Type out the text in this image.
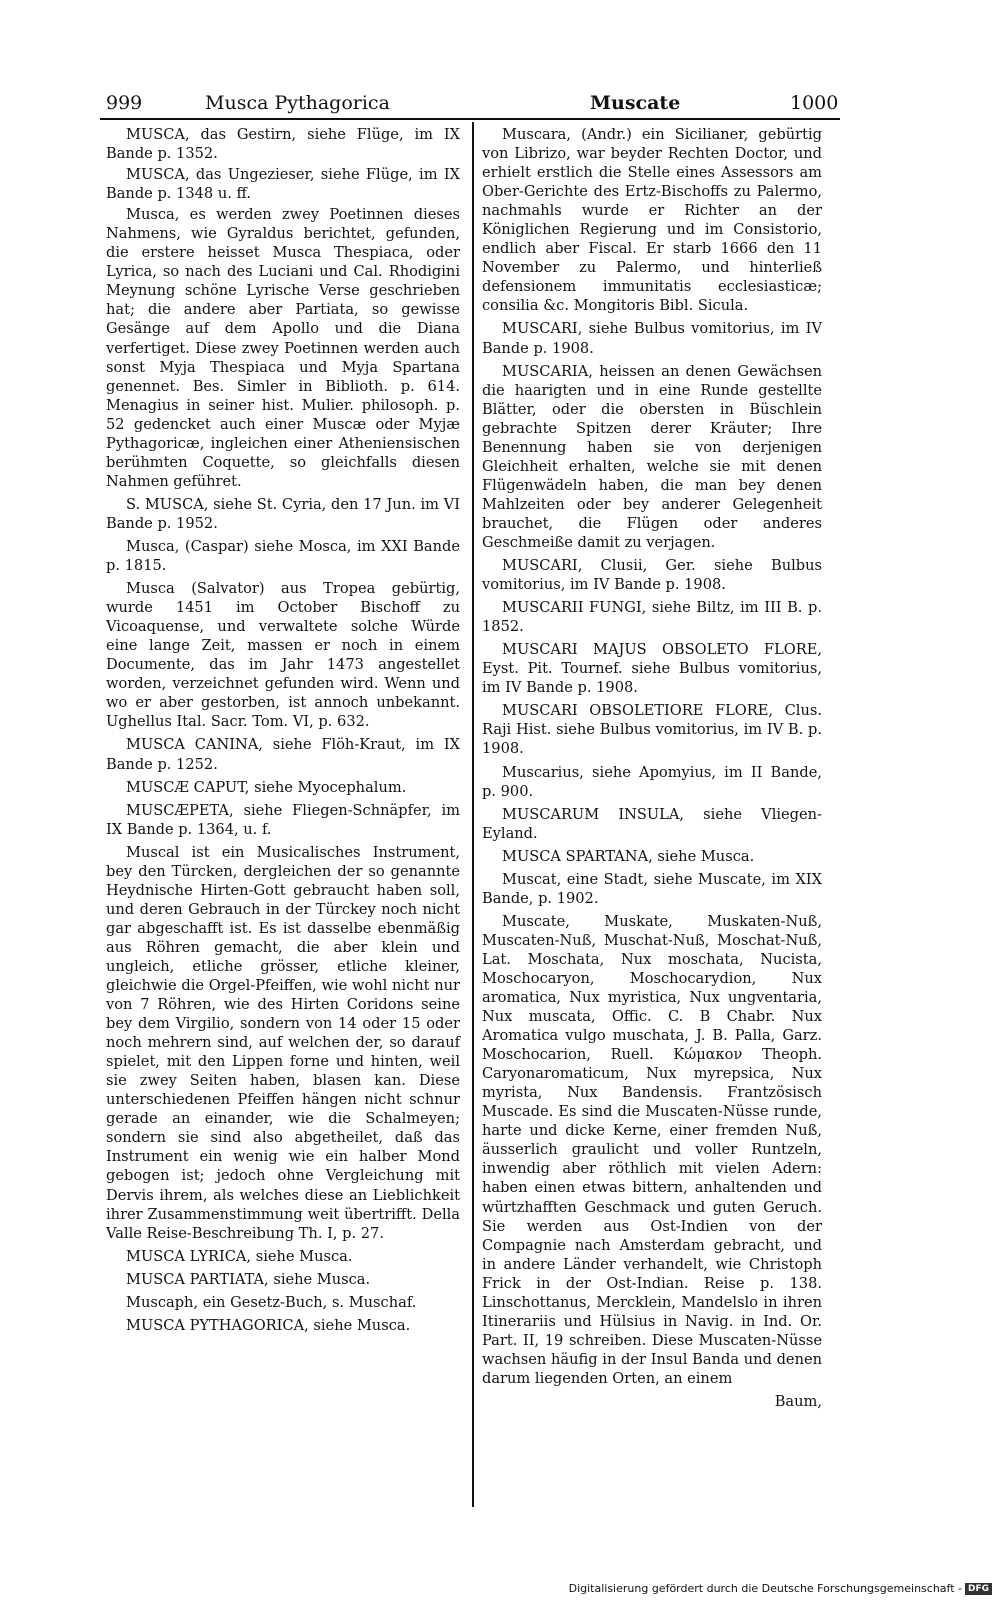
999	Musca Pythagorica	Muscate	1000

MUSCA, das Gestirn, siehe Flüge, im IX Bande p. 1352.

MUSCA, das Ungezieser, siehe Flüge, im IX Bande p. 1348 u. ff.

Musca, es werden zwey Poetinnen dieses Nahmens, wie Gyraldus berichtet, gefunden, die erstere heisset Musca Thespiaca, oder Lyrica, so nach des Luciani und Cal. Rhodigini Meynung schöne Lyrische Verse geschrieben hat; die andere aber Partiata, so gewisse Gesänge auf dem Apollo und die Diana verfertiget. Diese zwey Poetinnen werden auch sonst Myja Thespiaca und Myja Spartana genennet. Bes. Simler in Biblioth. p. 614. Menagius in seiner hist. Mulier. philosoph. p. 52 gedencket auch einer Muscæ oder Myjæ Pythagoricæ, ingleichen einer Atheniensischen berühmten Coquette, so gleichfalls diesen Nahmen geführet.

S. MUSCA, siehe St. Cyria, den 17 Jun. im VI Bande p. 1952.

Musca, (Caspar) siehe Mosca, im XXI Bande p. 1815.

Musca (Salvator) aus Tropea gebürtig, wurde 1451 im October Bischoff zu Vicoaquense, und verwaltete solche Würde eine lange Zeit, massen er noch in einem Documente, das im Jahr 1473 angestellet worden, verzeichnet gefunden wird. Wenn und wo er aber gestorben, ist annoch unbekannt. Ughellus Ital. Sacr. Tom. VI, p. 632.

MUSCA CANINA, siehe Flöh-Kraut, im IX Bande p. 1252.

MUSCÆ CAPUT, siehe Myocephalum.

MUSCÆPETA, siehe Fliegen-Schnäpfer, im IX Bande p. 1364, u. f.

Muscal ist ein Musicalisches Instrument, bey den Türcken, dergleichen der so genannte Heydnische Hirten-Gott gebraucht haben soll, und deren Gebrauch in der Türckey noch nicht gar abgeschafft ist. Es ist dasselbe ebenmäßig aus Röhren gemacht, die aber klein und ungleich, etliche grösser, etliche kleiner, gleichwie die Orgel-Pfeiffen, wie wohl nicht nur von 7 Röhren, wie des Hirten Coridons seine bey dem Virgilio, sondern von 14 oder 15 oder noch mehrern sind, auf welchen der, so darauf spielet, mit den Lippen forne und hinten, weil sie zwey Seiten haben, blasen kan. Diese unterschiedenen Pfeiffen hängen nicht schnur gerade an einander, wie die Schalmeyen; sondern sie sind also abgetheilet, daß das Instrument ein wenig wie ein halber Mond gebogen ist; jedoch ohne Vergleichung mit Dervis ihrem, als welches diese an Lieblichkeit ihrer Zusammenstimmung weit übertrifft. Della Valle Reise-Beschreibung Th. I, p. 27.

MUSCA LYRICA, siehe Musca.

MUSCA PARTIATA, siehe Musca.

Muscaph, ein Gesetz-Buch, s. Muschaf.

MUSCA PYTHAGORICA, siehe Musca.

Muscara, (Andr.) ein Sicilianer, gebürtig von Librizo, war beyder Rechten Doctor, und erhielt erstlich die Stelle eines Assessors am Ober-Gerichte des Ertz-Bischoffs zu Palermo, nachmahls wurde er Richter an der Königlichen Regierung und im Consistorio, endlich aber Fiscal. Er starb 1666 den 11 November zu Palermo, und hinterließ defensionem immunitatis ecclesiasticæ; consilia &c. Mongitoris Bibl. Sicula.

MUSCARI, siehe Bulbus vomitorius, im IV Bande p. 1908.

MUSCARIA, heissen an denen Gewächsen die haarigten und in eine Runde gestellte Blätter, oder die obersten in Büschlein gebrachte Spitzen derer Kräuter; Ihre Benennung haben sie von derjenigen Gleichheit erhalten, welche sie mit denen Flügenwädeln haben, die man bey denen Mahlzeiten oder bey anderer Gelegenheit brauchet, die Flügen oder anderes Geschmeiße damit zu verjagen.

MUSCARI, Clusii, Ger. siehe Bulbus vomitorius, im IV Bande p. 1908.

MUSCARII FUNGI, siehe Biltz, im III B. p. 1852.

MUSCARI MAJUS OBSOLETO FLORE, Eyst. Pit. Tournef. siehe Bulbus vomitorius, im IV Bande p. 1908.

MUSCARI OBSOLETIORE FLORE, Clus. Raji Hist. siehe Bulbus vomitorius, im IV B. p. 1908.

Muscarius, siehe Apomyius, im II Bande, p. 900.

MUSCARUM INSULA, siehe Vliegen-Eyland.

MUSCA SPARTANA, siehe Musca.

Muscat, eine Stadt, siehe Muscate, im XIX Bande, p. 1902.

Muscate, Muskate, Muskaten-Nuß, Muscaten-Nuß, Muschat-Nuß, Moschat-Nuß, Lat. Moschata, Nux moschata, Nucista, Moschocaryon, Moschocarydion, Nux aromatica, Nux myristica, Nux ungventaria, Nux muscata, Offic. C. B Chabr. Nux Aromatica vulgo muschata, J. B. Palla, Garz. Moschocarion, Ruell. Κώμακον Theoph. Caryonaromaticum, Nux myrepsica, Nux myrista, Nux Bandensis. Frantzösisch Muscade. Es sind die Muscaten-Nüsse runde, harte und dicke Kerne, einer fremden Nuß, äusserlich graulicht und voller Runtzeln, inwendig aber röthlich mit vielen Adern: haben einen etwas bittern, anhaltenden und würtzhafften Geschmack und guten Geruch. Sie werden aus Ost-Indien von der Compagnie nach Amsterdam gebracht, und in andere Länder verhandelt, wie Christoph Frick in der Ost-Indian. Reise p. 138. Linschottanus, Mercklein, Mandelslo in ihren Itinerariis und Hülsius in Navig. in Ind. Or. Part. II, 19 schreiben. Diese Muscaten-Nüsse wachsen häufig in der Insul Banda und denen darum liegenden Orten, an einem

Baum,
Digitalisierung gefördert durch die Deutsche Forschungsgemeinschaft - DFG
